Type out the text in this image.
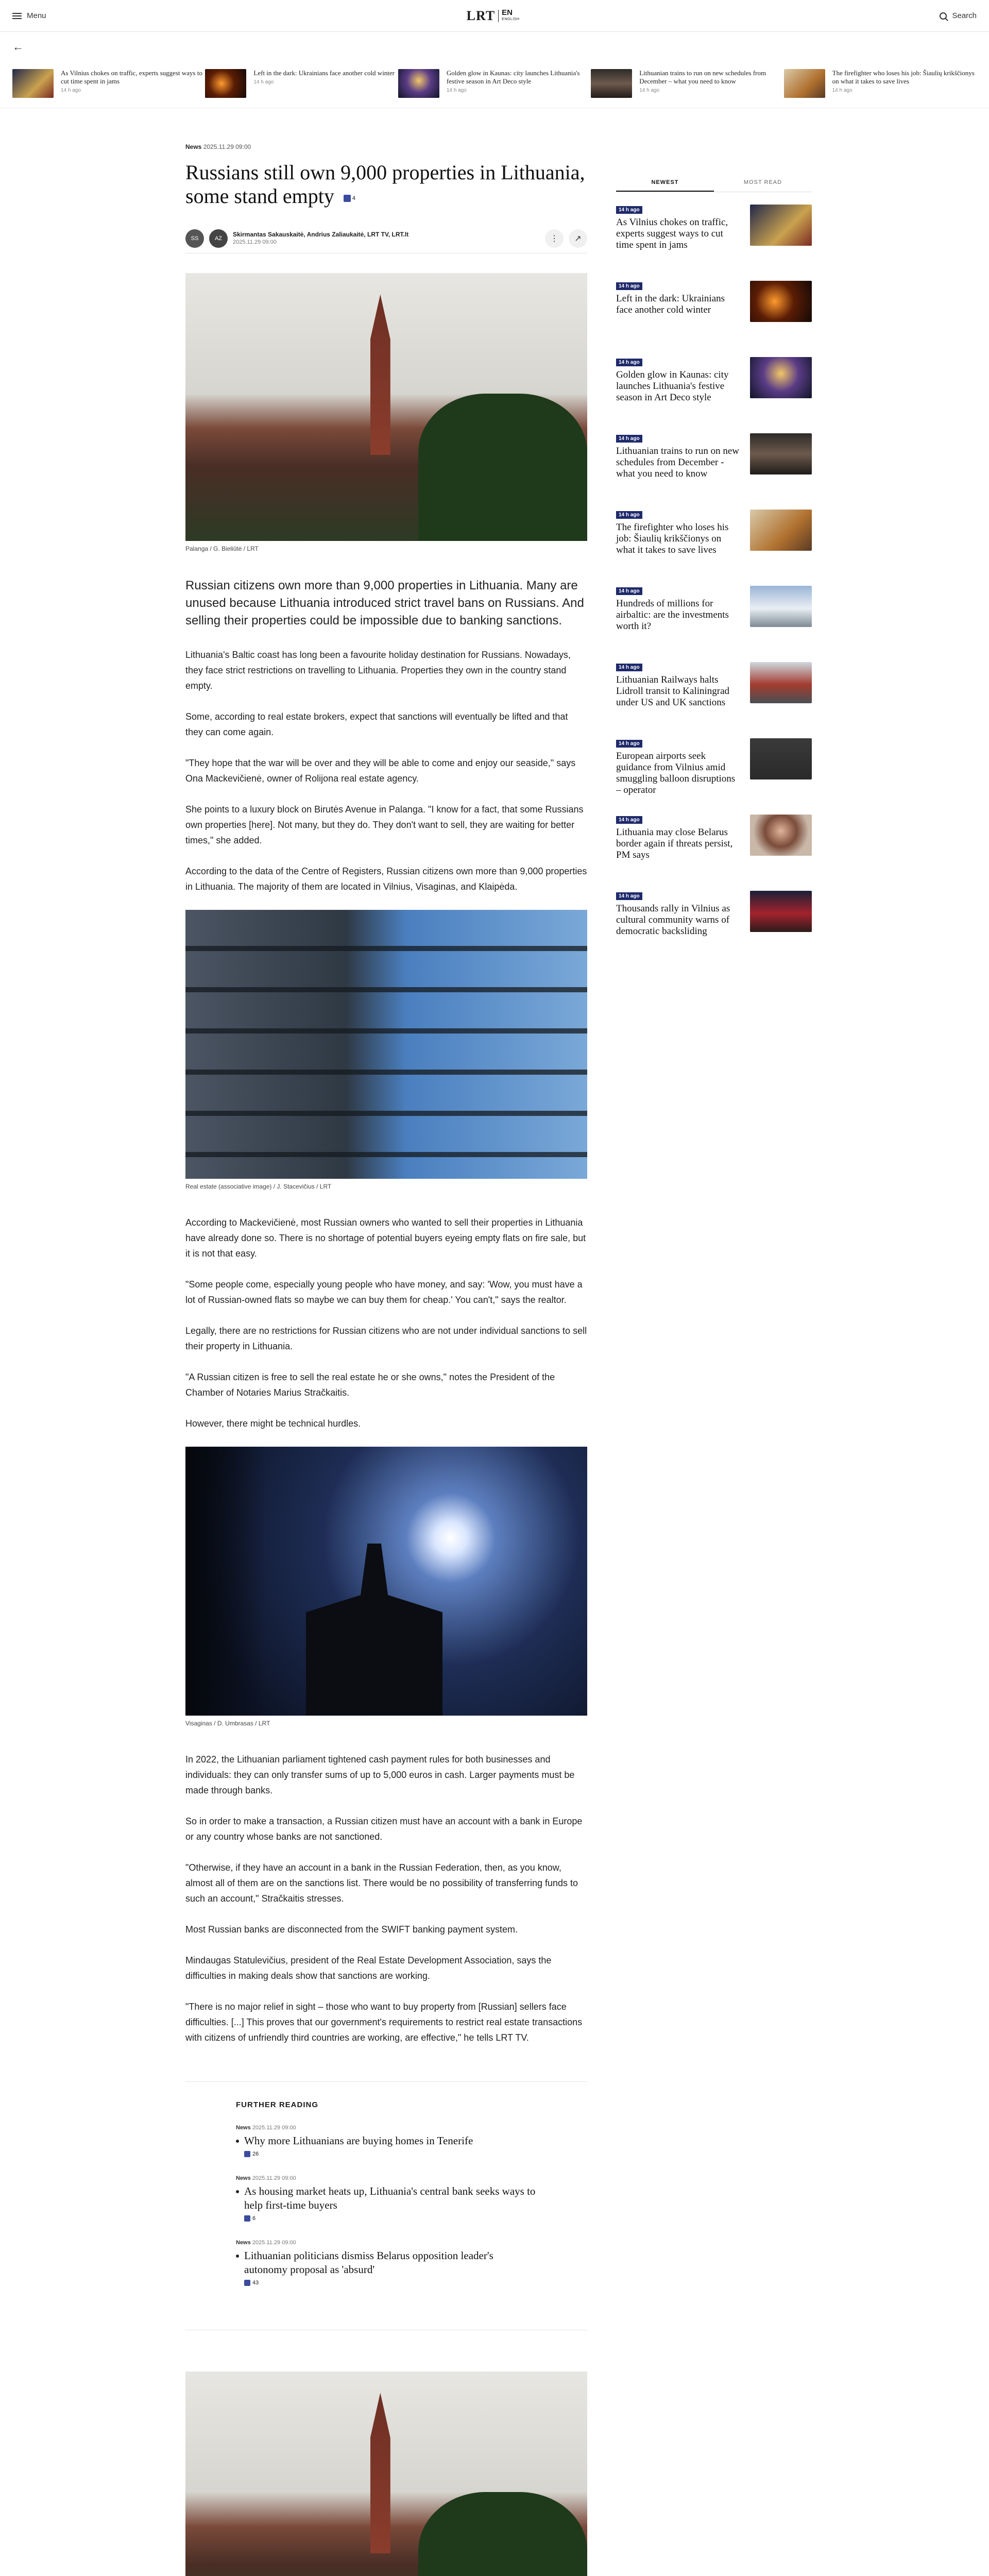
Menu	LRT EN
ENGLISH	Search
←
As Vilnius chokes on traffic, experts suggest ways to cut time spent in jams
14 h ago
Left in the dark: Ukrainians face another cold winter
14 h ago
Golden glow in Kaunas: city launches Lithuania's festive season in Art Deco style
14 h ago
Lithuanian trains to run on new schedules from December – what you need to know
14 h ago
The firefighter who loses his job: Šiaulių krikščionys on what it takes to save lives
14 h ago
News 2025.11.29 09:00
Russians still own 9,000 properties in Lithuania, some stand empty	4
SS	AZ
Skirmantas Sakauskaitė, Andrius Zaliaukaitė, LRT TV, LRT.lt
2025.11.29 09:00	⋮	↗
Palanga / G. Bieliūtė / LRT

Russian citizens own more than 9,000 properties in Lithuania. Many are unused because Lithuania introduced strict travel bans on Russians. And selling their properties could be impossible due to banking sanctions.

Lithuania's Baltic coast has long been a favourite holiday destination for Russians. Nowadays, they face strict restrictions on travelling to Lithuania. Properties they own in the country stand empty.

Some, according to real estate brokers, expect that sanctions will eventually be lifted and that they can come again.

"They hope that the war will be over and they will be able to come and enjoy our seaside," says Ona Mackevičienė, owner of Rolijona real estate agency.

She points to a luxury block on Birutės Avenue in Palanga. "I know for a fact, that some Russians own properties [here]. Not many, but they do. They don't want to sell, they are waiting for better times," she added.

According to the data of the Centre of Registers, Russian citizens own more than 9,000 properties in Lithuania. The majority of them are located in Vilnius, Visaginas, and Klaipėda.

Real estate (associative image) / J. Stacevičius / LRT

According to Mackevičienė, most Russian owners who wanted to sell their properties in Lithuania have already done so. There is no shortage of potential buyers eyeing empty flats on fire sale, but it is not that easy.

"Some people come, especially young people who have money, and say: 'Wow, you must have a lot of Russian-owned flats so maybe we can buy them for cheap.' You can't," says the realtor.

Legally, there are no restrictions for Russian citizens who are not under individual sanctions to sell their property in Lithuania.

"A Russian citizen is free to sell the real estate he or she owns," notes the President of the Chamber of Notaries Marius Stračkaitis.

However, there might be technical hurdles.

Visaginas / D. Umbrasas / LRT

In 2022, the Lithuanian parliament tightened cash payment rules for both businesses and individuals: they can only transfer sums of up to 5,000 euros in cash. Larger payments must be made through banks.

So in order to make a transaction, a Russian citizen must have an account with a bank in Europe or any country whose banks are not sanctioned.

"Otherwise, if they have an account in a bank in the Russian Federation, then, as you know, almost all of them are on the sanctions list. There would be no possibility of transferring funds to such an account," Stračkaitis stresses.

Most Russian banks are disconnected from the SWIFT banking payment system.

Mindaugas Statulevičius, president of the Real Estate Development Association, says the difficulties in making deals show that sanctions are working.

"There is no major relief in sight – those who want to buy property from [Russian] sellers face difficulties. [...] This proves that our government's requirements to restrict real estate transactions with citizens of unfriendly third countries are working, are effective," he tells LRT TV.

FURTHER READING
News 2025.11.29 09:00
Why more Lithuanians are buying homes in Tenerife
26
News 2025.11.29 09:00
As housing market heats up, Lithuania's central bank seeks ways to help first-time buyers
6
News 2025.11.29 09:00
Lithuanian politicians dismiss Belarus opposition leader's autonomy proposal as 'absurd'
43
NEWEST	MOST READ
14 h ago
As Vilnius chokes on traffic, experts suggest ways to cut time spent in jams
14 h ago
Left in the dark: Ukrainians face another cold winter
14 h ago
Golden glow in Kaunas: city launches Lithuania's festive season in Art Deco style
14 h ago
Lithuanian trains to run on new schedules from December - what you need to know
14 h ago
The firefighter who loses his job: Šiaulių krikščionys on what it takes to save lives
14 h ago
Hundreds of millions for airbaltic: are the investments worth it?
14 h ago
Lithuanian Railways halts Lidroll transit to Kaliningrad under US and UK sanctions
14 h ago
European airports seek guidance from Vilnius amid smuggling balloon disruptions – operator
14 h ago
Lithuania may close Belarus border again if threats persist, PM says
14 h ago
Thousands rally in Vilnius as cultural community warns of democratic backsliding
